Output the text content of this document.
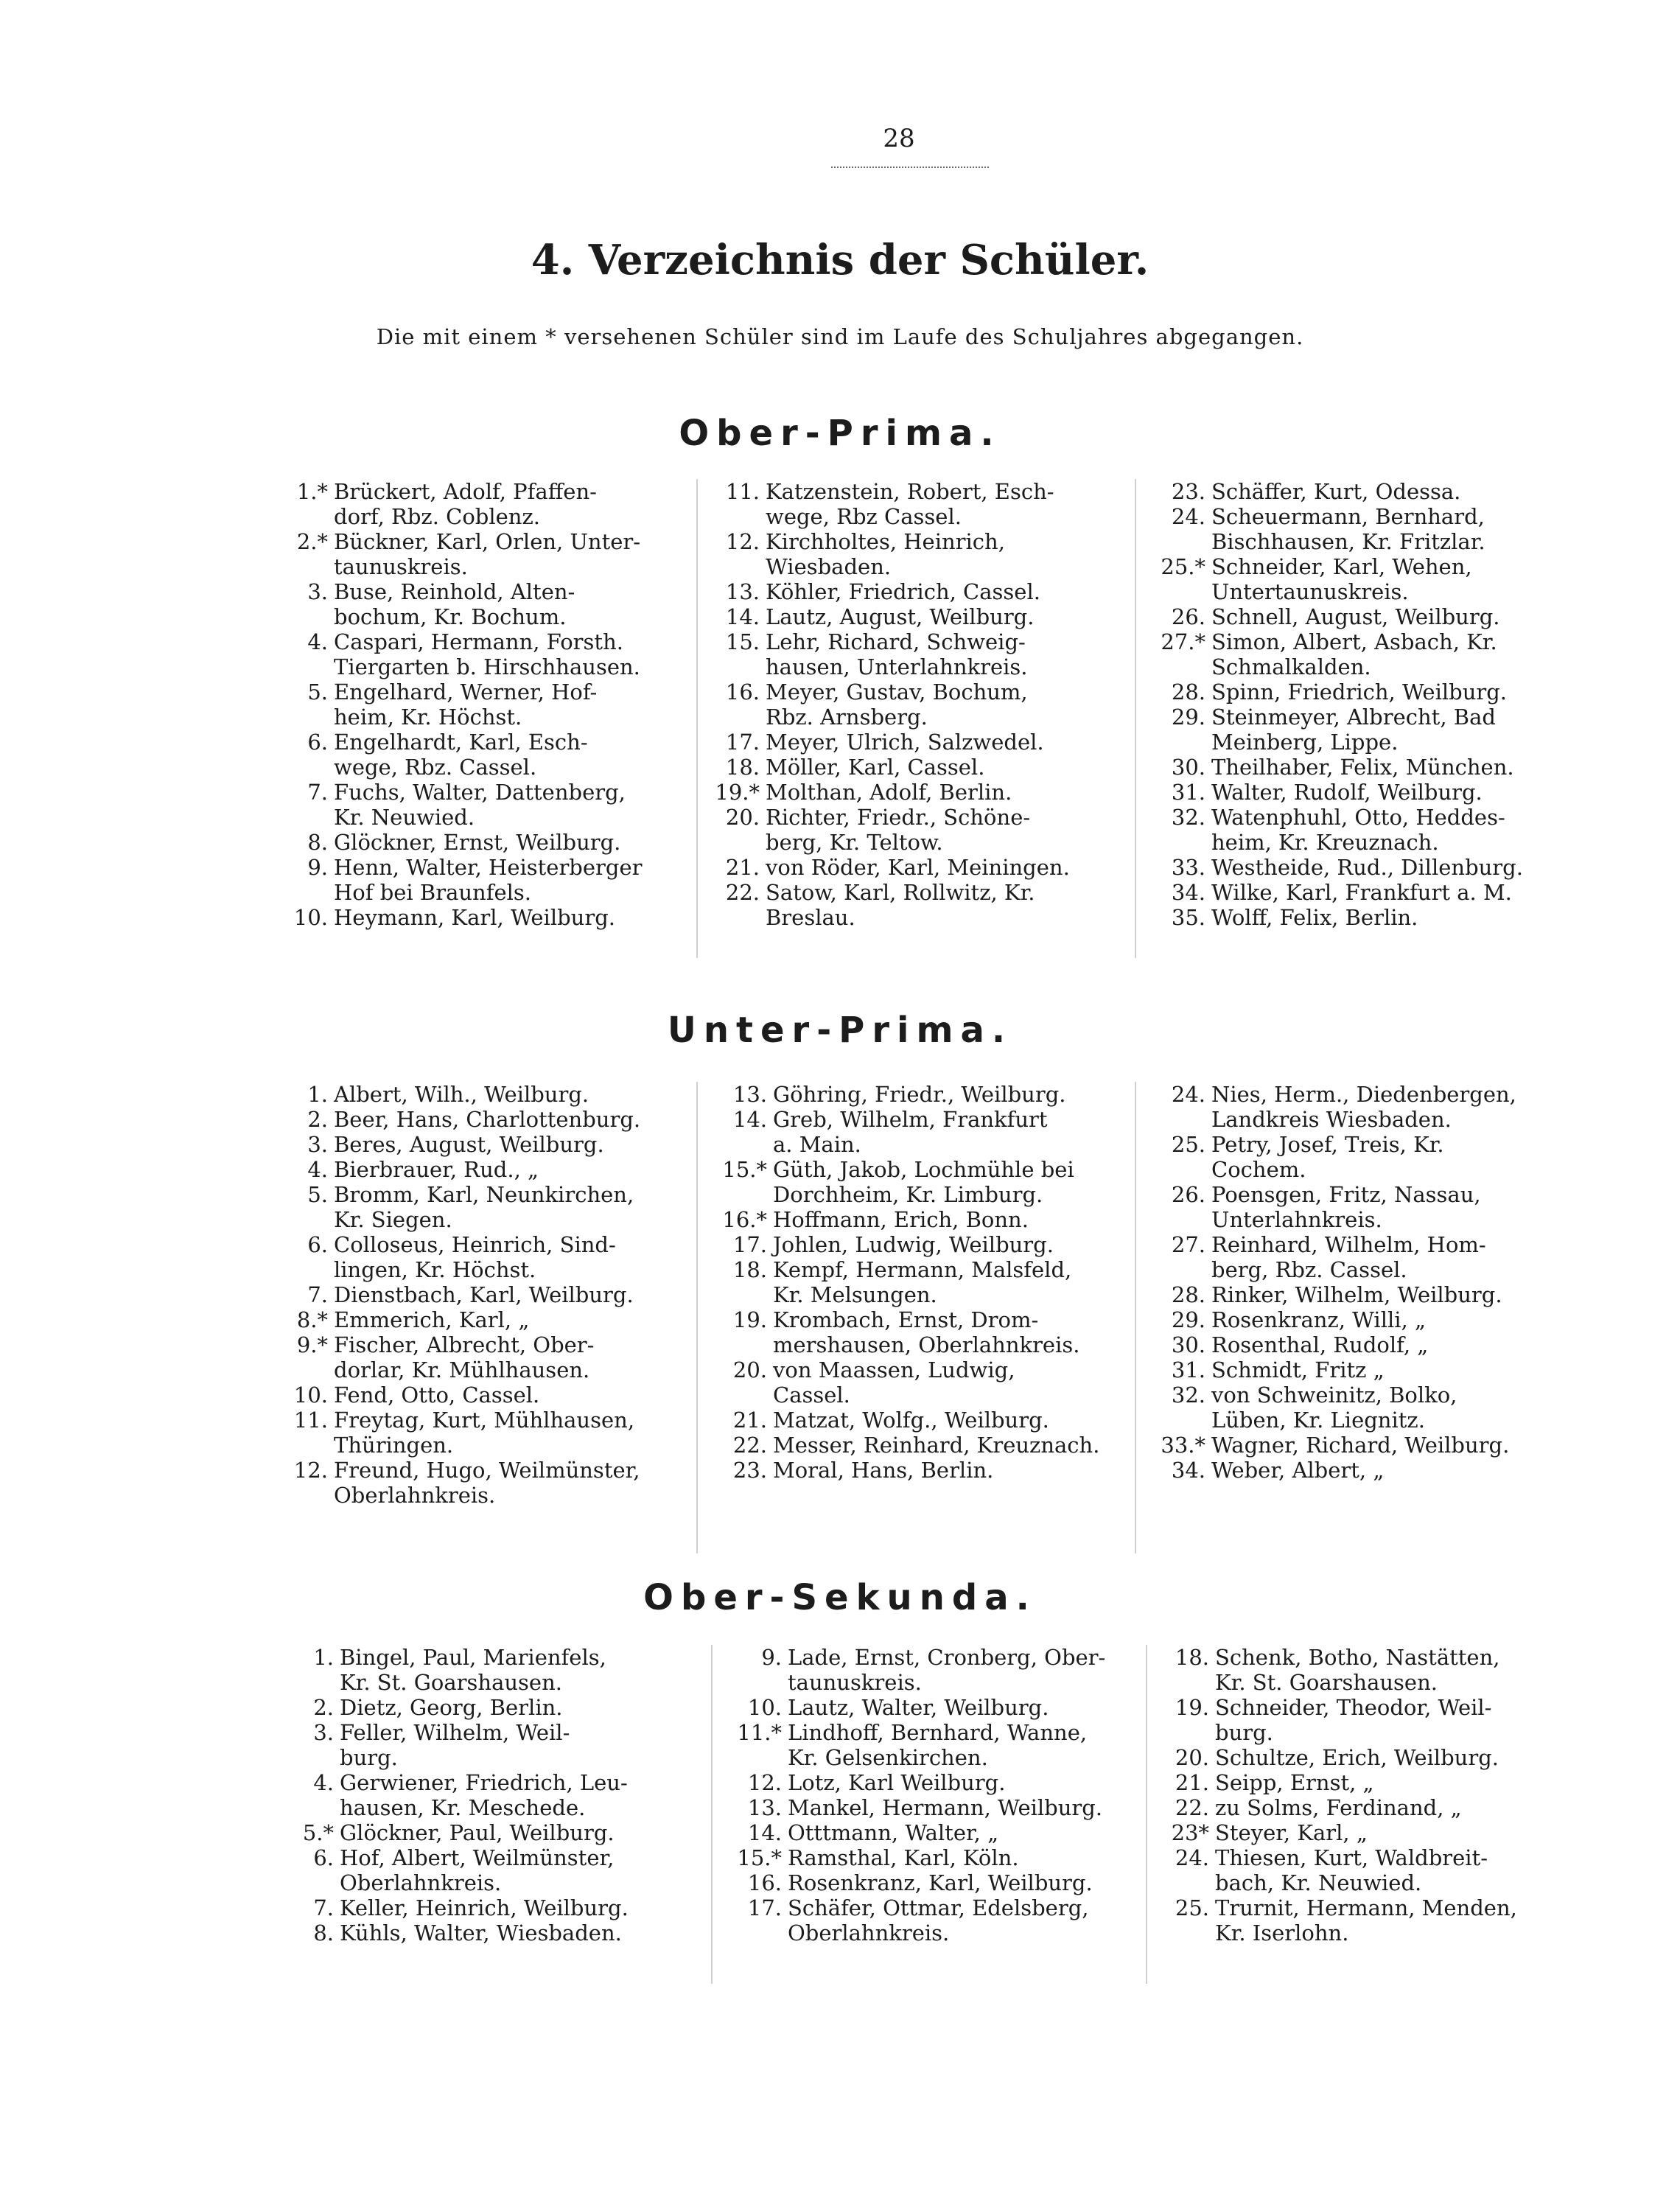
28
4. Verzeichnis der Schüler.

Die mit einem * versehenen Schüler sind im Laufe des Schuljahres abgegangen.

Ober-Prima.
1.* Brückert, Adolf, Pfaffen-
dorf, Rbz. Coblenz.
2.* Bückner, Karl, Orlen, Unter-
taunuskreis.
3. Buse, Reinhold, Alten-
bochum, Kr. Bochum.
4. Caspari, Hermann, Forsth.
Tiergarten b. Hirschhausen.
5. Engelhard, Werner, Hof-
heim, Kr. Höchst.
6. Engelhardt, Karl, Esch-
wege, Rbz. Cassel.
7. Fuchs, Walter, Dattenberg,
Kr. Neuwied.
8. Glöckner, Ernst, Weilburg.
9. Henn, Walter, Heisterberger
Hof bei Braunfels.
10. Heymann, Karl, Weilburg.
11. Katzenstein, Robert, Esch-
wege, Rbz Cassel.
12. Kirchholtes, Heinrich,
Wiesbaden.
13. Köhler, Friedrich, Cassel.
14. Lautz, August, Weilburg.
15. Lehr, Richard, Schweig-
hausen, Unterlahnkreis.
16. Meyer, Gustav, Bochum,
Rbz. Arnsberg.
17. Meyer, Ulrich, Salzwedel.
18. Möller, Karl, Cassel.
19.* Molthan, Adolf, Berlin.
20. Richter, Friedr., Schöne-
berg, Kr. Teltow.
21. von Röder, Karl, Meiningen.
22. Satow, Karl, Rollwitz, Kr.
Breslau.
23. Schäffer, Kurt, Odessa.
24. Scheuermann, Bernhard,
Bischhausen, Kr. Fritzlar.
25.* Schneider, Karl, Wehen,
Untertaunuskreis.
26. Schnell, August, Weilburg.
27.* Simon, Albert, Asbach, Kr.
Schmalkalden.
28. Spinn, Friedrich, Weilburg.
29. Steinmeyer, Albrecht, Bad
Meinberg, Lippe.
30. Theilhaber, Felix, München.
31. Walter, Rudolf, Weilburg.
32. Watenphuhl, Otto, Heddes-
heim, Kr. Kreuznach.
33. Westheide, Rud., Dillenburg.
34. Wilke, Karl, Frankfurt a. M.
35. Wolff, Felix, Berlin.
Unter-Prima.
1. Albert, Wilh., Weilburg.
2. Beer, Hans, Charlottenburg.
3. Beres, August, Weilburg.
4. Bierbrauer, Rud., „
5. Bromm, Karl, Neunkirchen,
Kr. Siegen.
6. Colloseus, Heinrich, Sind-
lingen, Kr. Höchst.
7. Dienstbach, Karl, Weilburg.
8.* Emmerich, Karl, „
9.* Fischer, Albrecht, Ober-
dorlar, Kr. Mühlhausen.
10. Fend, Otto, Cassel.
11. Freytag, Kurt, Mühlhausen,
Thüringen.
12. Freund, Hugo, Weilmünster,
Oberlahnkreis.
13. Göhring, Friedr., Weilburg.
14. Greb, Wilhelm, Frankfurt
a. Main.
15.* Güth, Jakob, Lochmühle bei
Dorchheim, Kr. Limburg.
16.* Hoffmann, Erich, Bonn.
17. Johlen, Ludwig, Weilburg.
18. Kempf, Hermann, Malsfeld,
Kr. Melsungen.
19. Krombach, Ernst, Drom-
mershausen, Oberlahnkreis.
20. von Maassen, Ludwig,
Cassel.
21. Matzat, Wolfg., Weilburg.
22. Messer, Reinhard, Kreuznach.
23. Moral, Hans, Berlin.
24. Nies, Herm., Diedenbergen,
Landkreis Wiesbaden.
25. Petry, Josef, Treis, Kr.
Cochem.
26. Poensgen, Fritz, Nassau,
Unterlahnkreis.
27. Reinhard, Wilhelm, Hom-
berg, Rbz. Cassel.
28. Rinker, Wilhelm, Weilburg.
29. Rosenkranz, Willi, „
30. Rosenthal, Rudolf, „
31. Schmidt, Fritz „
32. von Schweinitz, Bolko,
Lüben, Kr. Liegnitz.
33.* Wagner, Richard, Weilburg.
34. Weber, Albert, „
Ober-Sekunda.
1. Bingel, Paul, Marienfels,
Kr. St. Goarshausen.
2. Dietz, Georg, Berlin.
3. Feller, Wilhelm, Weil-
burg.
4. Gerwiener, Friedrich, Leu-
hausen, Kr. Meschede.
5.* Glöckner, Paul, Weilburg.
6. Hof, Albert, Weilmünster,
Oberlahnkreis.
7. Keller, Heinrich, Weilburg.
8. Kühls, Walter, Wiesbaden.
9. Lade, Ernst, Cronberg, Ober-
taunuskreis.
10. Lautz, Walter, Weilburg.
11.* Lindhoff, Bernhard, Wanne,
Kr. Gelsenkirchen.
12. Lotz, Karl Weilburg.
13. Mankel, Hermann, Weilburg.
14. Otttmann, Walter, „
15.* Ramsthal, Karl, Köln.
16. Rosenkranz, Karl, Weilburg.
17. Schäfer, Ottmar, Edelsberg,
Oberlahnkreis.
18. Schenk, Botho, Nastätten,
Kr. St. Goarshausen.
19. Schneider, Theodor, Weil-
burg.
20. Schultze, Erich, Weilburg.
21. Seipp, Ernst, „
22. zu Solms, Ferdinand, „
23* Steyer, Karl, „
24. Thiesen, Kurt, Waldbreit-
bach, Kr. Neuwied.
25. Trurnit, Hermann, Menden,
Kr. Iserlohn.
